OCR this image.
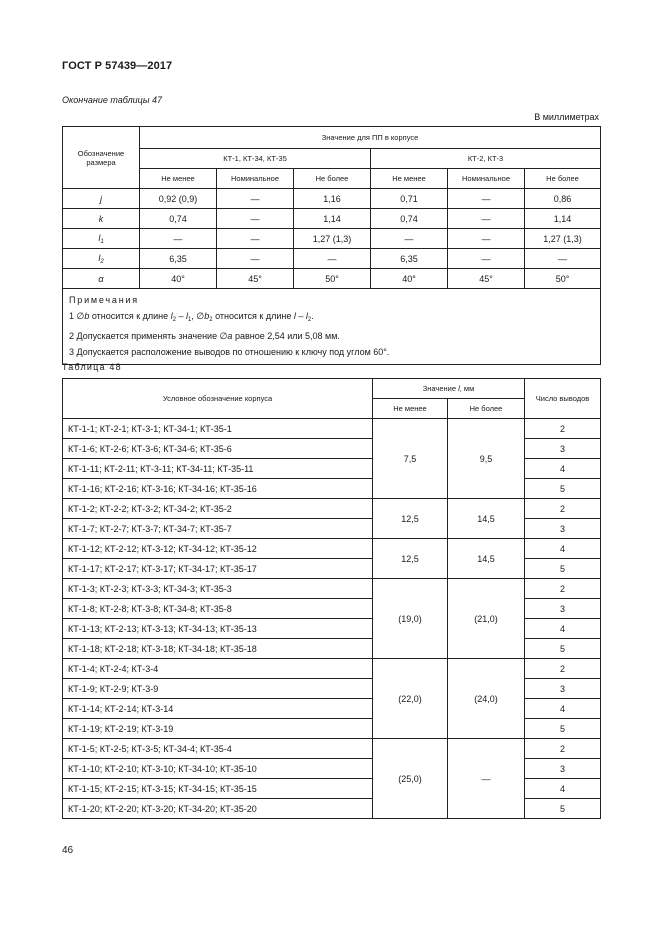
ГОСТ Р 57439—2017
Окончание таблицы 47
В миллиметрах
Обозначение размера	Значение для ПП в корпусе					
	КТ-1, КТ-34, КТ-35			КТ-2, КТ-3		
	Не менее	Номинальное	Не более	Не менее	Номинальное	Не более
j	0,92 (0,9)	—	1,16	0,71	—	0,86
k	0,74	—	1,14	0,74	—	1,14
$l_1$	—	—	1,27 (1,3)	—	—	1,27 (1,3)
$l_2$	6,35	—	—	6,35	—	—
α	40°	45°	50°	40°	45°	50°

Примечания
1 ∅b относится к длине $l_2 - l_1$, $\emptyset b_2$ относится к длине l – $l_2$.
2 Допускается применять значение ∅a равное 2,54 или 5,08 мм.
3 Допускается расположение выводов по отношению к ключу под углом 60°.						
Таблица 48
Условное обозначение корпуса	Значение l, мм		Число выводов
	Не менее	Не более	
КТ-1-1; КТ-2-1; КТ-3-1; КТ-34-1; КТ-35-1	7,5	9,5	2
КТ-1-6; КТ-2-6; КТ-3-6; КТ-34-6; КТ-35-6			3
КТ-1-11; КТ-2-11; КТ-3-11; КТ-34-11; КТ-35-11			4
КТ-1-16; КТ-2-16; КТ-3-16; КТ-34-16; КТ-35-16			5
КТ-1-2; КТ-2-2; КТ-3-2; КТ-34-2; КТ-35-2	12,5	14,5	2
КТ-1-7; КТ-2-7; КТ-3-7; КТ-34-7; КТ-35-7			3
КТ-1-12; КТ-2-12; КТ-3-12; КТ-34-12; КТ-35-12	12,5	14,5	4
КТ-1-17; КТ-2-17; КТ-3-17; КТ-34-17; КТ-35-17			5
КТ-1-3; КТ-2-3; КТ-3-3; КТ-34-3; КТ-35-3	(19,0)	(21,0)	2
КТ-1-8; КТ-2-8; КТ-3-8; КТ-34-8; КТ-35-8			3
КТ-1-13; КТ-2-13; КТ-3-13; КТ-34-13; КТ-35-13			4
КТ-1-18; КТ-2-18; КТ-3-18; КТ-34-18; КТ-35-18			5
КТ-1-4; КТ-2-4; КТ-3-4	(22,0)	(24,0)	2
КТ-1-9; КТ-2-9; КТ-3-9			3
КТ-1-14; КТ-2-14; КТ-3-14			4
КТ-1-19; КТ-2-19; КТ-3-19			5
КТ-1-5; КТ-2-5; КТ-3-5; КТ-34-4; КТ-35-4	(25,0)	—	2
КТ-1-10; КТ-2-10; КТ-3-10; КТ-34-10; КТ-35-10			3
КТ-1-15; КТ-2-15; КТ-3-15; КТ-34-15; КТ-35-15			4
КТ-1-20; КТ-2-20; КТ-3-20; КТ-34-20; КТ-35-20			5
46
